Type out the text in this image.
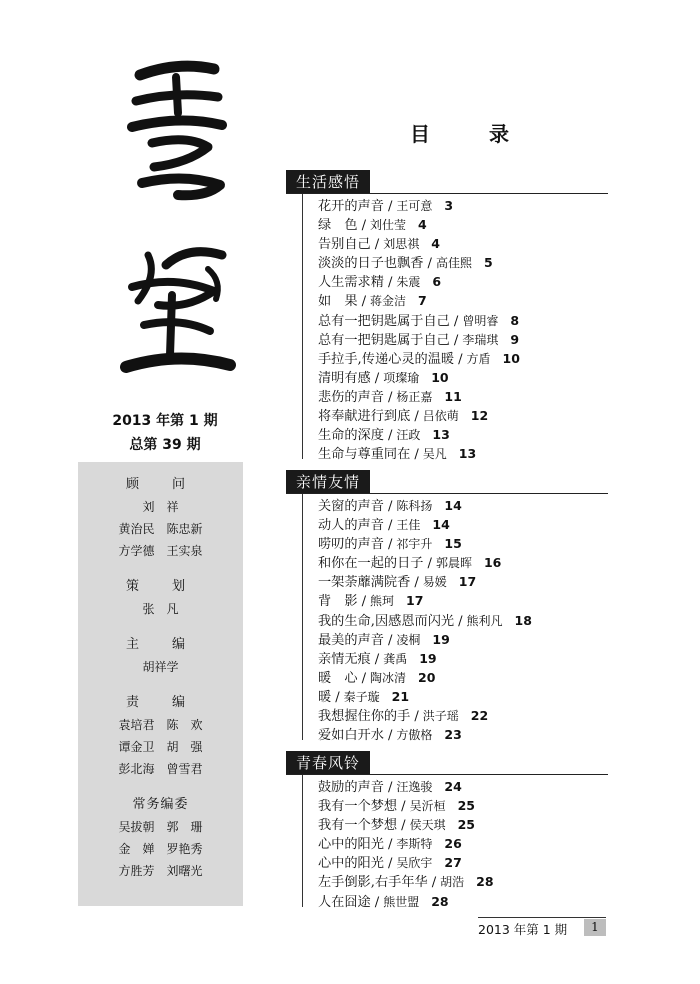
2013 年第 1 期
总第 39 期

顾　问

刘　祥

黄治民　陈忠新

方学德　王实泉

策　划

张　凡

主　编

胡祥学

责　编

袁培君　陈　欢

谭金卫　胡　强

彭北海　曾雪君

常务编委

吴拔朝　郭　珊

金　婵　罗艳秀

方胜芳　刘曙光

目 录
生活感悟
花开的声音 / 王可意 3
绿　色 / 刘仕莹 4
告别自己 / 刘思祺 4
淡淡的日子也飘香 / 高佳熙 5
人生需求精 / 朱震 6
如　果 / 蒋金洁 7
总有一把钥匙属于自己 / 曾明睿 8
总有一把钥匙属于自己 / 李瑞琪 9
手拉手,传递心灵的温暖 / 方盾 10
清明有感 / 项璨瑜 10
悲伤的声音 / 杨正嘉 11
将奉献进行到底 / 吕依萌 12
生命的深度 / 汪政 13
生命与尊重同在 / 吴凡 13
亲情友情
关窗的声音 / 陈科扬 14
动人的声音 / 王佳 14
唠叨的声音 / 祁宇升 15
和你在一起的日子 / 郭晨晖 16
一架荼蘼满院香 / 易媛 17
背　影 / 熊珂 17
我的生命,因感恩而闪光 / 熊利凡 18
最美的声音 / 凌桐 19
亲情无痕 / 龚禹 19
暖　心 / 陶冰清 20
暖 / 秦子璇 21
我想握住你的手 / 洪子瑶 22
爱如白开水 / 方傲格 23
青春风铃
鼓励的声音 / 汪逸骏 24
我有一个梦想 / 吴沂桓 25
我有一个梦想 / 侯天琪 25
心中的阳光 / 李斯特 26
心中的阳光 / 吴欣宇 27
左手倒影,右手年华 / 胡浩 28
人在囧途 / 熊世盟 28
2013 年第 1 期	1
